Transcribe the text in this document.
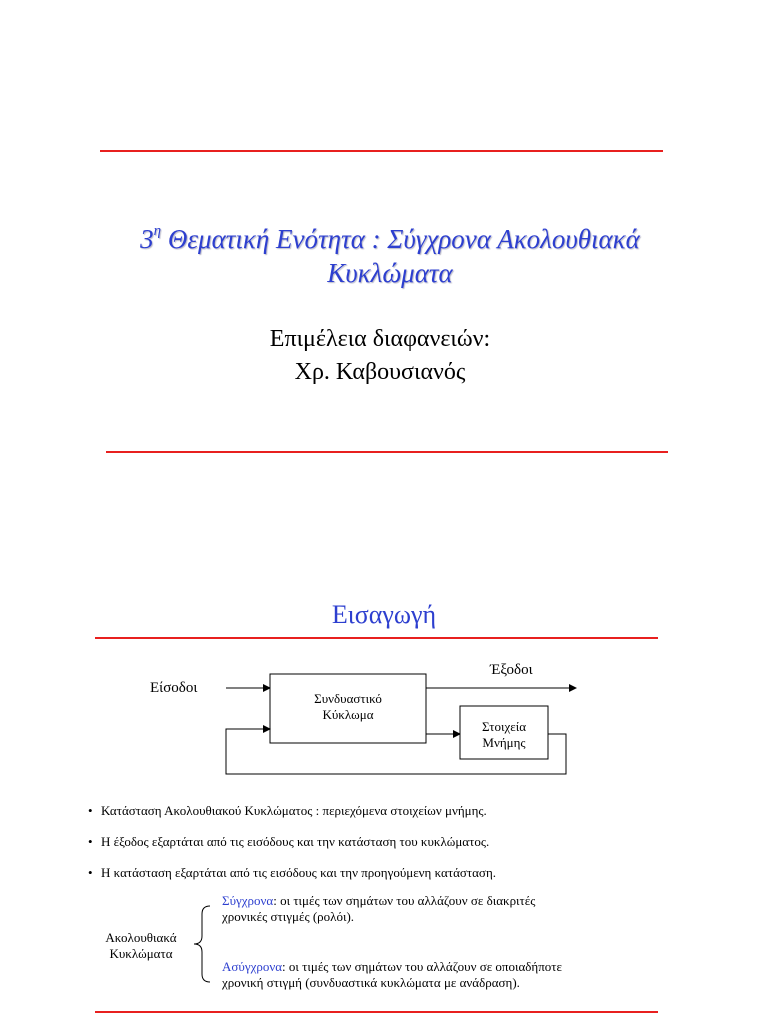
$3^\eta$ Θεματική Ενότητα : Σύγχρονα Ακολουθιακά
Κυκλώματα
Επιμέλεια διαφανειών:
Χρ. Καβουσιανός
Εισαγωγή
Είσοδοι
Έξοδοι
Συνδυαστικό
Κύκλωμα
Στοιχεία
Μνήμης
• Κατάσταση Ακολουθιακού Κυκλώματος : περιεχόμενα στοιχείων μνήμης.
• Η έξοδος εξαρτάται από τις εισόδους και την κατάσταση του κυκλώματος.
• Η κατάσταση εξαρτάται από τις εισόδους και την προηγούμενη κατάσταση.
Ακολουθιακά
Κυκλώματα
Σύγχρονα: οι τιμές των σημάτων του αλλάζουν σε διακριτές
χρονικές στιγμές (ρολόι).
Ασύγχρονα: οι τιμές των σημάτων του αλλάζουν σε οποιαδήποτε
χρονική στιγμή (συνδυαστικά κυκλώματα με ανάδραση).
